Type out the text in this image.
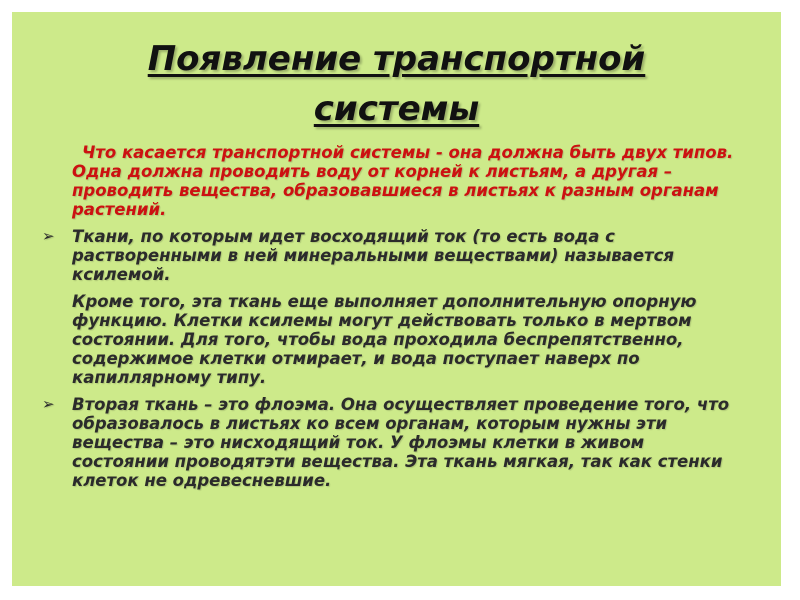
Появление транспортной
системы

Что касается транспортной системы - она должна быть двух типов. Одна должна проводить воду от корней к листьям, а другая – проводить вещества, образовавшиеся в листьях к разным органам растений.

➢	Ткани, по которым идет восходящий ток (то есть вода с растворенными в ней минеральными веществами) называется ксилемой.

Кроме того, эта ткань еще выполняет дополнительную опорную функцию. Клетки ксилемы могут действовать только в мертвом состоянии. Для того, чтобы вода проходила беспрепятственно, содержимое клетки отмирает, и вода поступает наверх по капиллярному типу.

➢	Вторая ткань – это флоэма. Она осуществляет проведение того, что образовалось в листьях ко всем органам, которым нужны эти вещества – это нисходящий ток. У флоэмы клетки в живом состоянии проводятэти вещества. Эта ткань мягкая, так как стенки клеток не одревесневшие.
